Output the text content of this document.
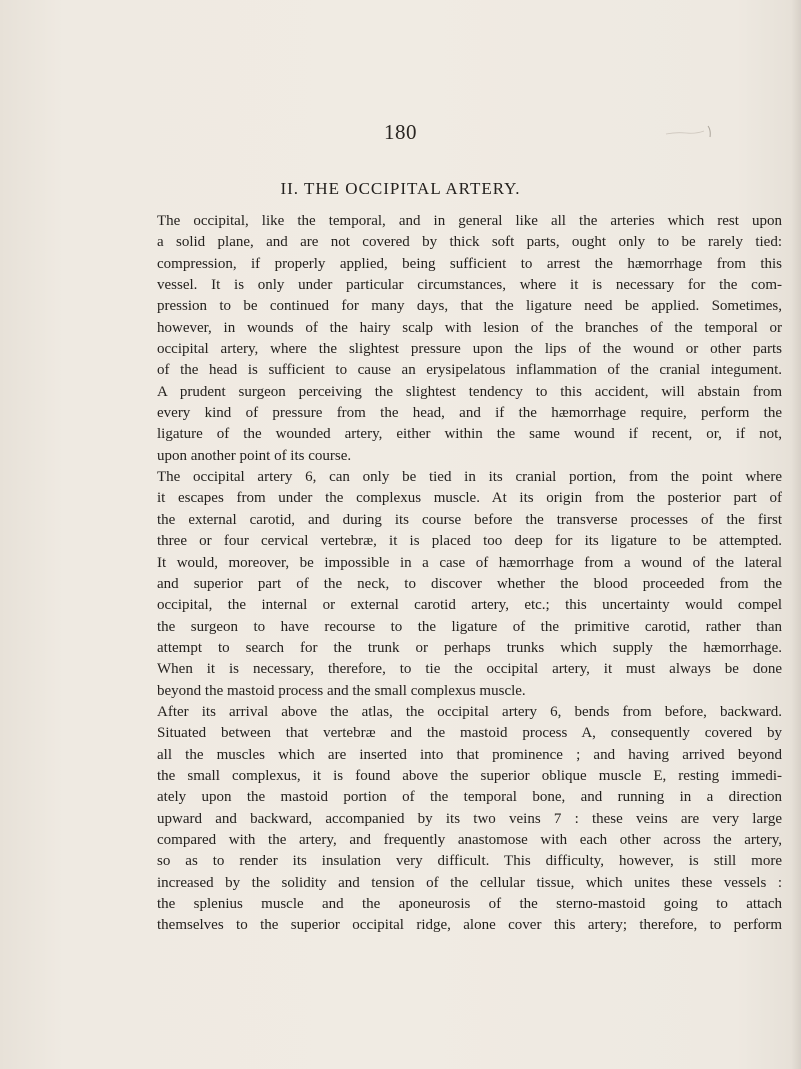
180
II. THE OCCIPITAL ARTERY.
The occipital, like the temporal, and in general like all the arteries which rest upon
a solid plane, and are not covered by thick soft parts, ought only to be rarely tied:
compression, if properly applied, being sufficient to arrest the hæmorrhage from this
vessel. It is only under particular circumstances, where it is necessary for the com-
pression to be continued for many days, that the ligature need be applied. Sometimes,
however, in wounds of the hairy scalp with lesion of the branches of the temporal or
occipital artery, where the slightest pressure upon the lips of the wound or other parts
of the head is sufficient to cause an erysipelatous inflammation of the cranial integument.
A prudent surgeon perceiving the slightest tendency to this accident, will abstain from
every kind of pressure from the head, and if the hæmorrhage require, perform the
ligature of the wounded artery, either within the same wound if recent, or, if not,
upon another point of its course.
The occipital artery 6, can only be tied in its cranial portion, from the point where
it escapes from under the complexus muscle. At its origin from the posterior part of
the external carotid, and during its course before the transverse processes of the first
three or four cervical vertebræ, it is placed too deep for its ligature to be attempted.
It would, moreover, be impossible in a case of hæmorrhage from a wound of the lateral
and superior part of the neck, to discover whether the blood proceeded from the
occipital, the internal or external carotid artery, etc.; this uncertainty would compel
the surgeon to have recourse to the ligature of the primitive carotid, rather than
attempt to search for the trunk or perhaps trunks which supply the hæmorrhage.
When it is necessary, therefore, to tie the occipital artery, it must always be done
beyond the mastoid process and the small complexus muscle.
After its arrival above the atlas, the occipital artery 6, bends from before, backward.
Situated between that vertebræ and the mastoid process A, consequently covered by
all the muscles which are inserted into that prominence ; and having arrived beyond
the small complexus, it is found above the superior oblique muscle E, resting immedi-
ately upon the mastoid portion of the temporal bone, and running in a direction
upward and backward, accompanied by its two veins 7 : these veins are very large
compared with the artery, and frequently anastomose with each other across the artery,
so as to render its insulation very difficult. This difficulty, however, is still more
increased by the solidity and tension of the cellular tissue, which unites these vessels :
the splenius muscle and the aponeurosis of the sterno-mastoid going to attach
themselves to the superior occipital ridge, alone cover this artery; therefore, to perform
